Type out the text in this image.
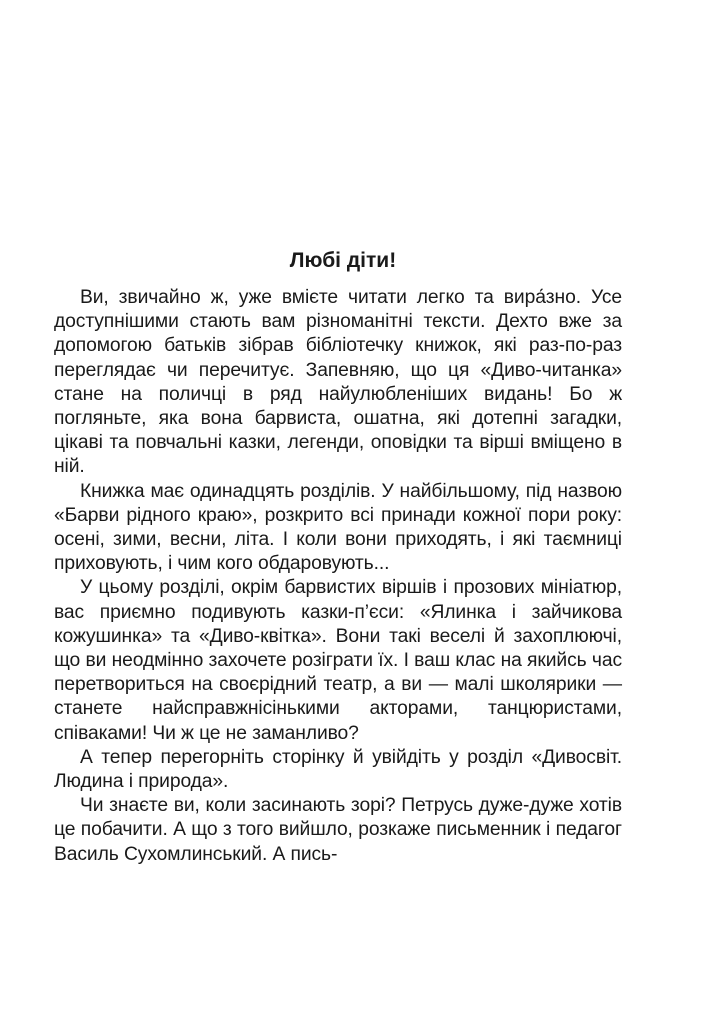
Любі діти!

Ви, звичайно ж, уже вмієте читати легко та вира́зно. Усе доступнішими стають вам різноманітні тексти. Дехто вже за допомогою батьків зібрав бібліотечку книжок, які раз-по-раз переглядає чи перечитує. Запевняю, що ця «Диво-читанка» стане на поличці в ряд найулюбленіших видань! Бо ж погляньте, яка вона барвиста, ошатна, які дотепні загадки, цікаві та повчальні казки, легенди, оповідки та вірші вміщено в ній.

Книжка має одинадцять розділів. У найбільшому, під назвою «Барви рідного краю», розкрито всі принади кожної пори року: осені, зими, весни, літа. І коли вони приходять, і які таємниці приховують, і чим кого обдаровують...

У цьому розділі, окрім барвистих віршів і прозових мініатюр, вас приємно подивують казки-п’єси: «Ялинка і зайчикова кожушинка» та «Диво-квітка». Вони такі веселі й захоплюючі, що ви неодмінно захочете розіграти їх. І ваш клас на якийсь час перетвориться на своєрідний театр, а ви — малі школярики — станете найсправжнісінькими акторами, танцюристами, співаками! Чи ж це не заманливо?

А тепер перегорніть сторінку й увійдіть у розділ «Дивосвіт. Людина і природа».

Чи знаєте ви, коли засинають зорі? Петрусь дуже-дуже хотів це побачити. А що з того вийшло, розкаже письменник і педагог Василь Сухомлинський. А пись-
